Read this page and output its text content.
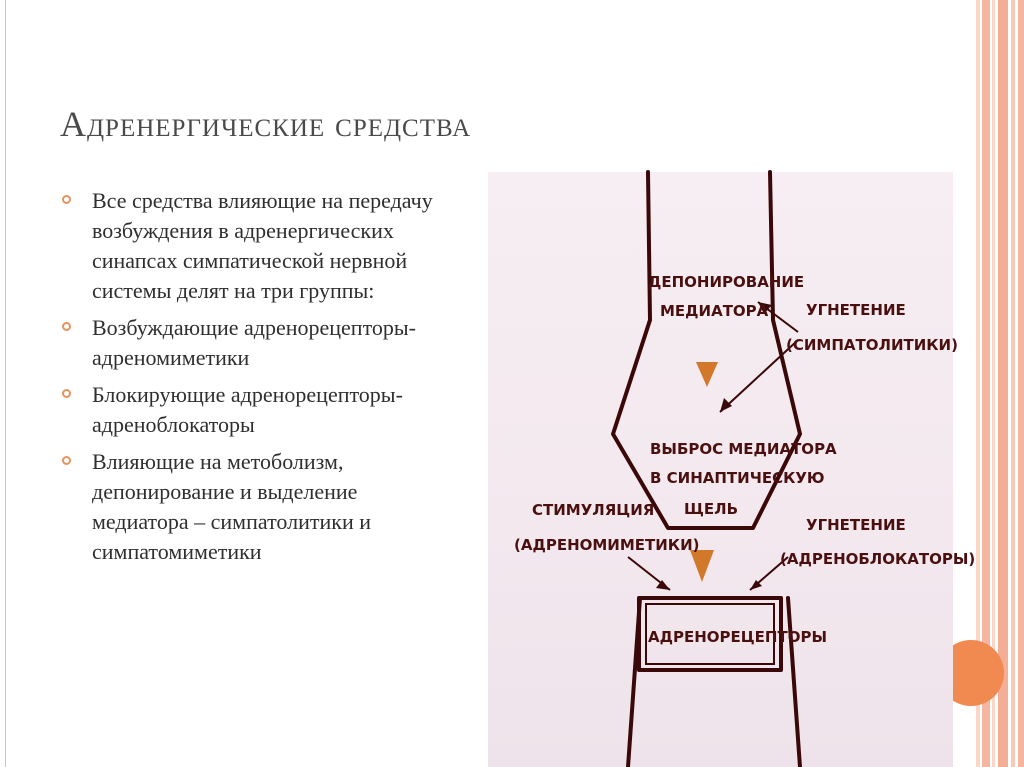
Адренергические средства
Все средства влияющие на передачу возбуждения в адренергических синапсах симпатической нервной системы делят на три группы:
Возбуждающие адренорецепторы- адреномиметики
Блокирующие адренорецепторы- адреноблокаторы
Влияющие на метоболизм, депонирование и выделение медиатора – симпатолитики и симпатомиметики
ДЕПОНИРОВАНИЕ
МЕДИАТОРА	УГНЕТЕНИЕ
(СИМПАТОЛИТИКИ)
ВЫБРОС МЕДИАТОРА
В СИНАПТИЧЕСКУЮ
ЩЕЛЬ
СТИМУЛЯЦИЯ
(АДРЕНОМИМЕТИКИ)
УГНЕТЕНИЕ
(АДРЕНОБЛОКАТОРЫ)
АДРЕНОРЕЦЕПТОРЫ
